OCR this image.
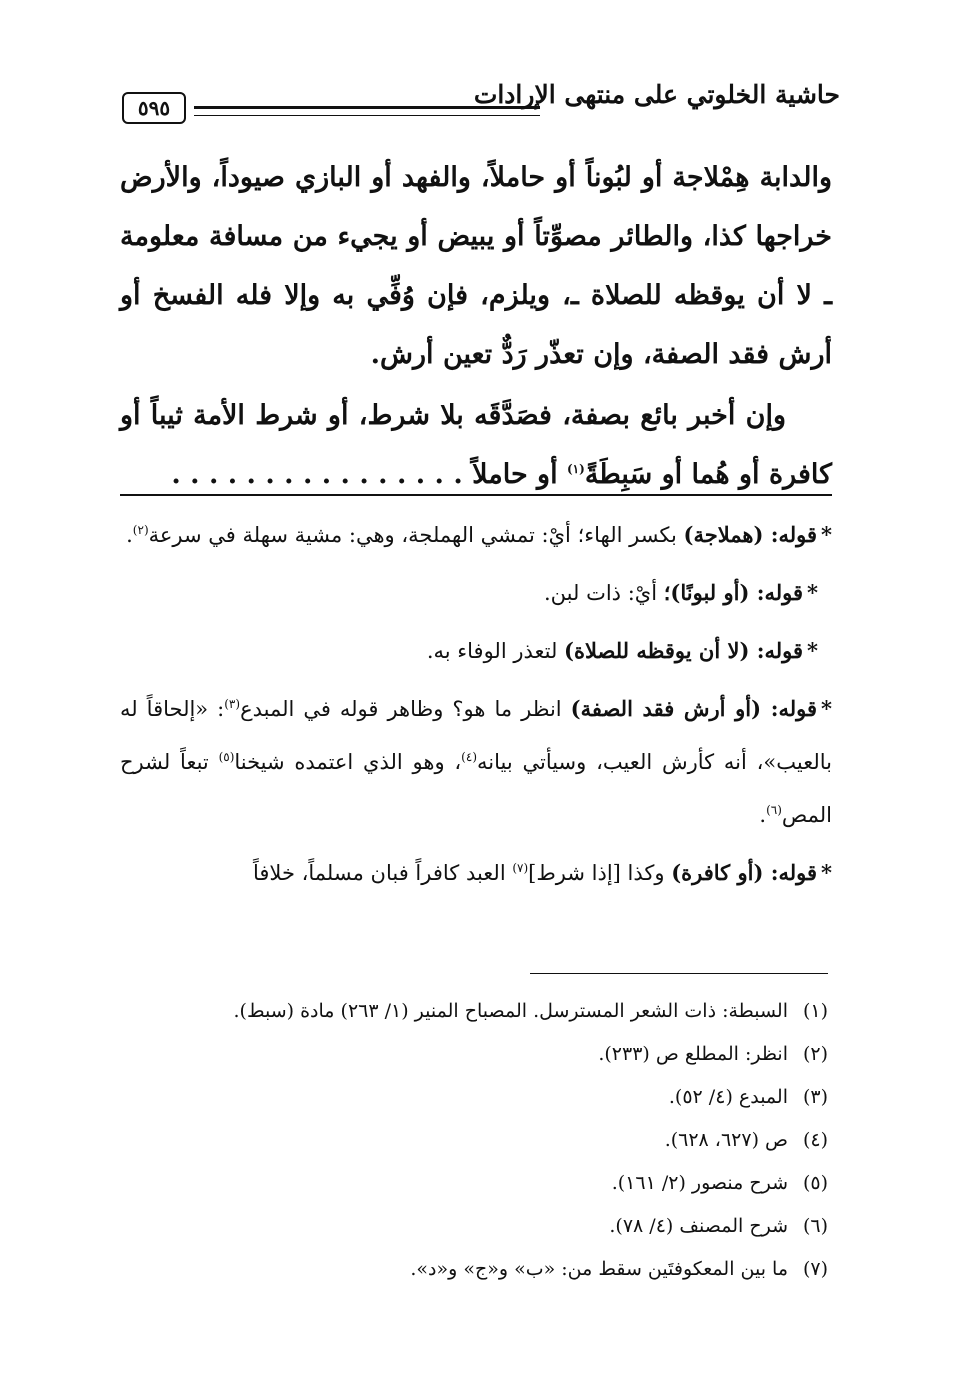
حاشية الخلوتي على منتهى الإرادات
٥٩٥

والدابة هِمْلاجة أو لبُوناً أو حاملاً، والفهد أو البازي صيوداً، والأرض خراجها كذا، والطائر مصوِّتاً أو يبيض أو يجيء من مسافة معلومة ـ لا أن يوقظه للصلاة ـ، ويلزم، فإن وُفِّي به وإلا فله الفسخ أو أرش فقد الصفة، وإن تعذّر رَدٌّ تعين أرش.

وإن أخبر بائع بصفة، فصَدَّقَه بلا شرط، أو شرط الأمة ثيباً أو كافرة أو هُما أو سَبِطَةً$^{(١)}$ أو حاملاً . . . . . . . . . . . . . . . .

*قوله: (هملاجة) بكسر الهاء؛ أيْ: تمشي الهملجة، وهي: مشية سهلة في سرعة$^{(٢)}$.

*قوله: (أو لبونًا)؛ أيْ: ذات لبن.

*قوله: (لا أن يوقظه للصلاة) لتعذر الوفاء به.

*قوله: (أو أرش فقد الصفة) انظر ما هو؟ وظاهر قوله في المبدع$^{(٣)}$: «إلحاقاً له بالعيب»، أنه كأرش العيب، وسيأتي بيانه$^{(٤)}$، وهو الذي اعتمده شيخنا$^{(٥)}$ تبعاً لشرح المص$^{(٦)}$.

*قوله: (أو كافرة) وكذا [إذا شرط]$^{(٧)}$ العبد كافراً فبان مسلماً، خلافاً

(١)السبطة: ذات الشعر المسترسل. المصباح المنير (١/ ٢٦٣) مادة (سبط).
(٢)انظر: المطلع ص (٢٣٣).
(٣)المبدع (٤/ ٥٢).
(٤)ص (٦٢٧، ٦٢٨).
(٥)شرح منصور (٢/ ١٦١).
(٦)شرح المصنف (٤/ ٧٨).
(٧)ما بين المعكوفتَين سقط من: «ب» و«ج» و«د».
